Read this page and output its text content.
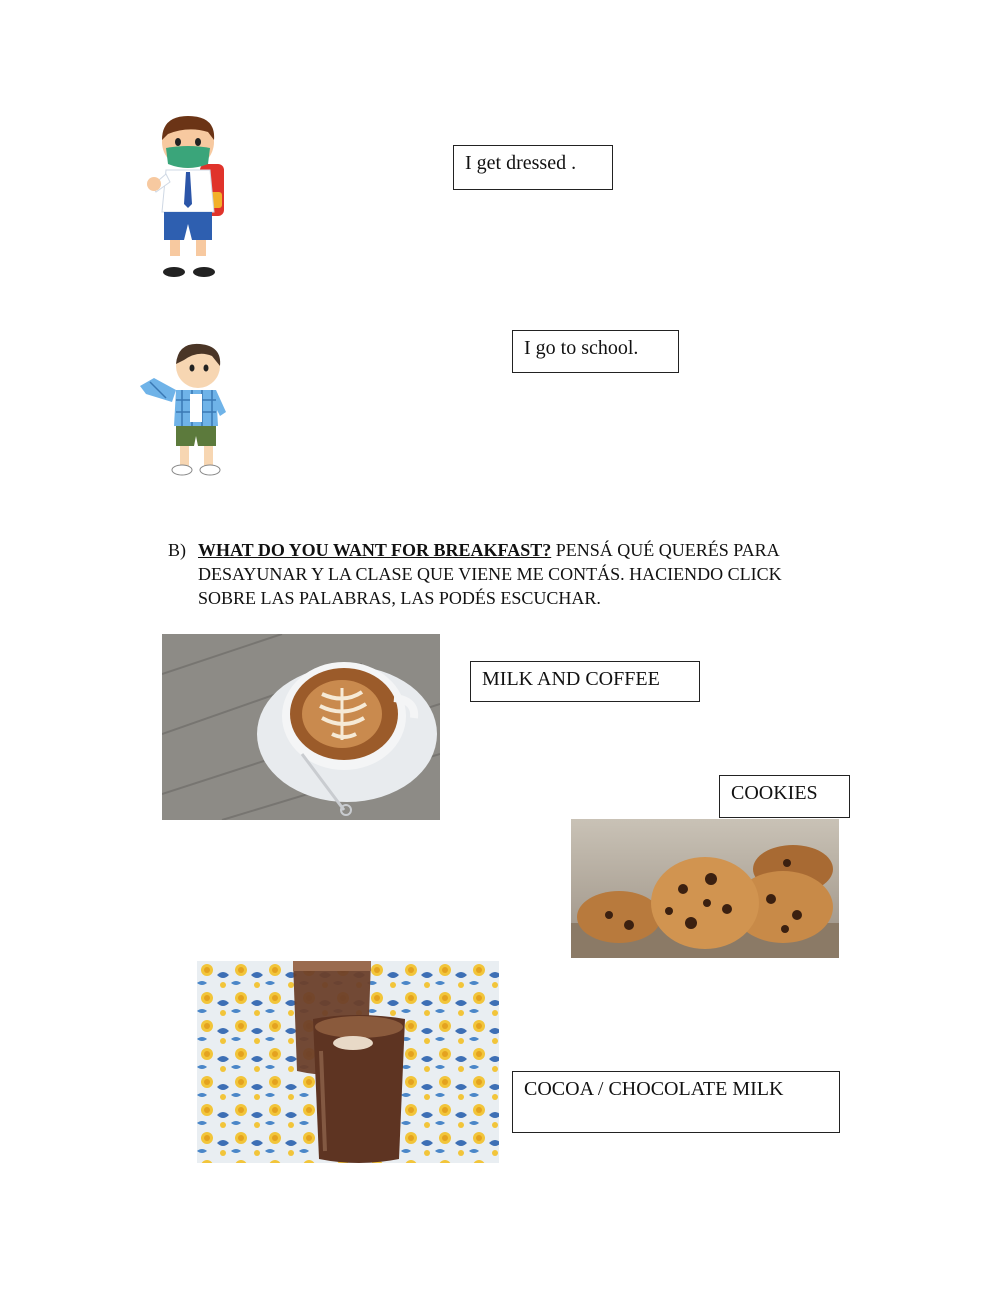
I get dressed .
I go to school.
B) WHAT DO YOU WANT FOR BREAKFAST? PENSÁ QUÉ QUERÉS PARA
DESAYUNAR Y LA CLASE QUE VIENE ME CONTÁS. HACIENDO CLICK
SOBRE LAS PALABRAS, LAS PODÉS ESCUCHAR.
MILK AND COFFEE
COOKIES
COCOA / CHOCOLATE MILK
